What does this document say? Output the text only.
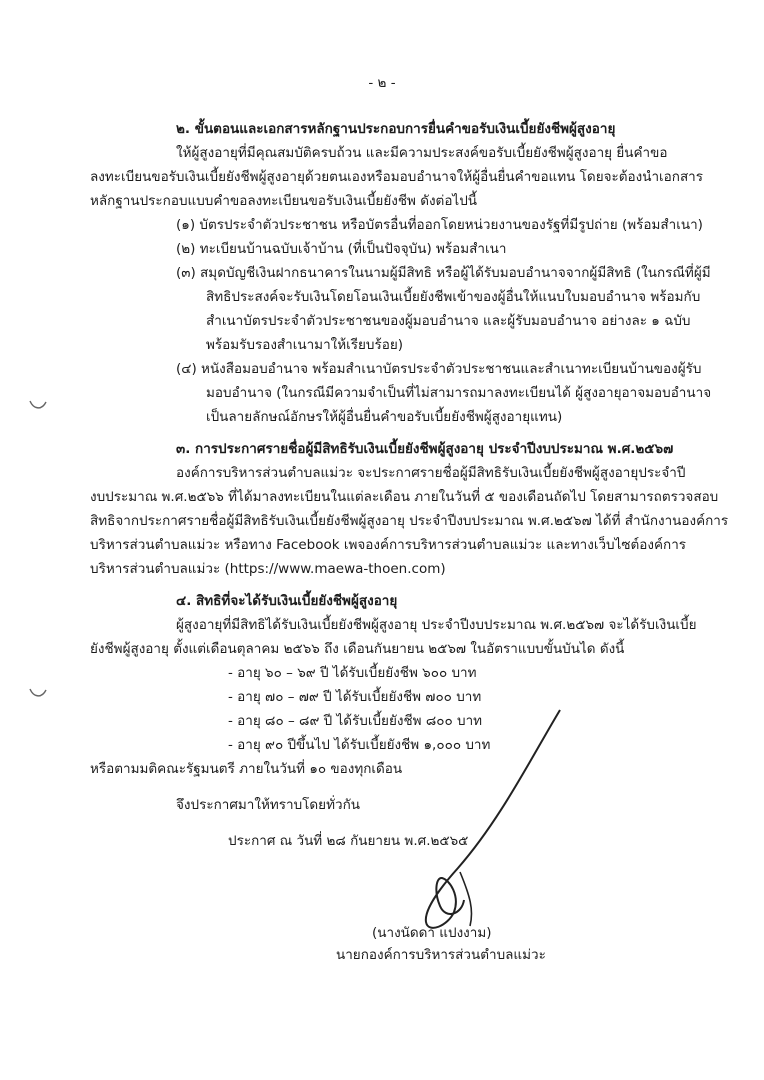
- ๒ -
๒. ขั้นตอนและเอกสารหลักฐานประกอบการยื่นคำขอรับเงินเบี้ยยังชีพผู้สูงอายุ
ให้ผู้สูงอายุที่มีคุณสมบัติครบถ้วน และมีความประสงค์ขอรับเบี้ยยังชีพผู้สูงอายุ ยื่นคำขอ
ลงทะเบียนขอรับเงินเบี้ยยังชีพผู้สูงอายุด้วยตนเองหรือมอบอำนาจให้ผู้อื่นยื่นคำขอแทน โดยจะต้องนำเอกสาร
หลักฐานประกอบแบบคำขอลงทะเบียนขอรับเงินเบี้ยยังชีพ ดังต่อไปนี้
(๑) บัตรประจำตัวประชาชน หรือบัตรอื่นที่ออกโดยหน่วยงานของรัฐที่มีรูปถ่าย (พร้อมสำเนา)
(๒) ทะเบียนบ้านฉบับเจ้าบ้าน (ที่เป็นปัจจุบัน) พร้อมสำเนา
(๓) สมุดบัญชีเงินฝากธนาคารในนามผู้มีสิทธิ หรือผู้ได้รับมอบอำนาจจากผู้มีสิทธิ (ในกรณีที่ผู้มี
สิทธิประสงค์จะรับเงินโดยโอนเงินเบี้ยยังชีพเข้าของผู้อื่นให้แนบใบมอบอำนาจ พร้อมกับ
สำเนาบัตรประจำตัวประชาชนของผู้มอบอำนาจ และผู้รับมอบอำนาจ อย่างละ ๑ ฉบับ
พร้อมรับรองสำเนามาให้เรียบร้อย)
(๔) หนังสือมอบอำนาจ พร้อมสำเนาบัตรประจำตัวประชาชนและสำเนาทะเบียนบ้านของผู้รับ
มอบอำนาจ (ในกรณีมีความจำเป็นที่ไม่สามารถมาลงทะเบียนได้ ผู้สูงอายุอาจมอบอำนาจ
เป็นลายลักษณ์อักษรให้ผู้อื่นยื่นคำขอรับเบี้ยยังชีพผู้สูงอายุแทน)
๓. การประกาศรายชื่อผู้มีสิทธิรับเงินเบี้ยยังชีพผู้สูงอายุ ประจำปีงบประมาณ พ.ศ.๒๕๖๗
องค์การบริหารส่วนตำบลแม่วะ จะประกาศรายชื่อผู้มีสิทธิรับเงินเบี้ยยังชีพผู้สูงอายุประจำปี
งบประมาณ พ.ศ.๒๕๖๖ ที่ได้มาลงทะเบียนในแต่ละเดือน ภายในวันที่ ๕ ของเดือนถัดไป โดยสามารถตรวจสอบ
สิทธิจากประกาศรายชื่อผู้มีสิทธิรับเงินเบี้ยยังชีพผู้สูงอายุ ประจำปีงบประมาณ พ.ศ.๒๕๖๗ ได้ที่ สำนักงานองค์การ
บริหารส่วนตำบลแม่วะ หรือทาง Facebook เพจองค์การบริหารส่วนตำบลแม่วะ และทางเว็บไซต์องค์การ
บริหารส่วนตำบลแม่วะ (https://www.maewa-thoen.com)
๔. สิทธิที่จะได้รับเงินเบี้ยยังชีพผู้สูงอายุ
ผู้สูงอายุที่มีสิทธิได้รับเงินเบี้ยยังชีพผู้สูงอายุ ประจำปีงบประมาณ พ.ศ.๒๕๖๗ จะได้รับเงินเบี้ย
ยังชีพผู้สูงอายุ ตั้งแต่เดือนตุลาคม ๒๕๖๖ ถึง เดือนกันยายน ๒๕๖๗ ในอัตราแบบขั้นบันได ดังนี้
- อายุ ๖๐ – ๖๙ ปี ได้รับเบี้ยยังชีพ ๖๐๐ บาท
- อายุ ๗๐ – ๗๙ ปี ได้รับเบี้ยยังชีพ ๗๐๐ บาท
- อายุ ๘๐ – ๘๙ ปี ได้รับเบี้ยยังชีพ ๘๐๐ บาท
- อายุ ๙๐ ปีขึ้นไป ได้รับเบี้ยยังชีพ ๑,๐๐๐ บาท
หรือตามมติคณะรัฐมนตรี ภายในวันที่ ๑๐ ของทุกเดือน
จึงประกาศมาให้ทราบโดยทั่วกัน
ประกาศ ณ วันที่ ๒๘ กันยายน พ.ศ.๒๕๖๕
(นางนัดดา แปงงาม)
นายกองค์การบริหารส่วนตำบลแม่วะ
